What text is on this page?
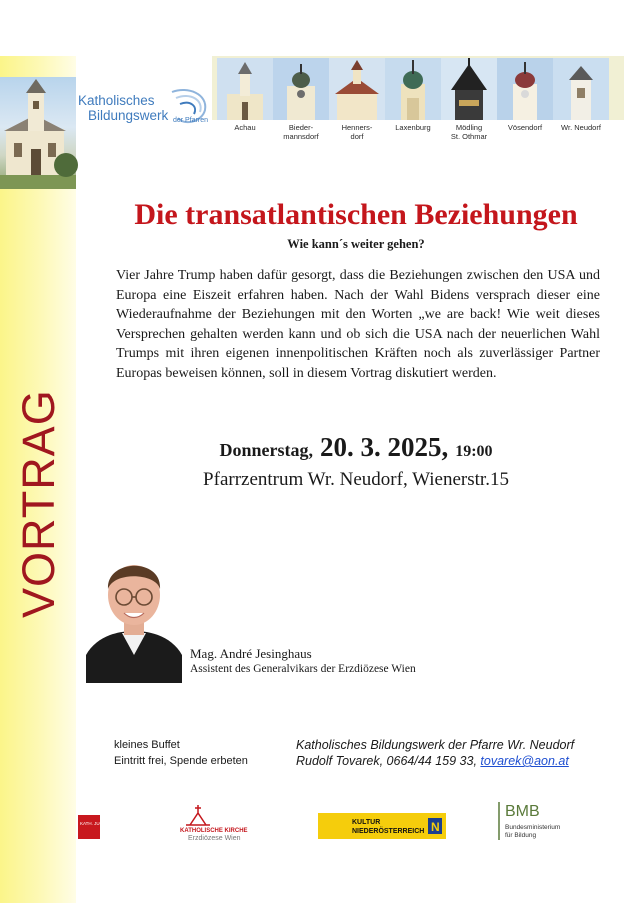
VORTRAG
Katholisches
Bildungswerk der Pfarren
Achau	Bieder-
mannsdorf
Henners-
dorf
Laxenburg	Mödling
St. Othmar
Vösendorf	Wr. Neudorf
Die transatlantischen Beziehungen
Wie kann´s weiter gehen?
Vier Jahre Trump haben dafür gesorgt, dass die Beziehungen zwischen den USA und Europa eine Eiszeit erfahren haben. Nach der Wahl Bidens versprach dieser eine Wiederaufnahme der Beziehungen mit den Worten „we are back! Wie weit dieses Versprechen gehalten werden kann und ob sich die USA nach der neuerlichen Wahl Trumps mit ihren eigenen innenpolitischen Kräften noch als zuverlässiger Partner Europas beweisen können, soll in diesem Vortrag diskutiert werden.
Donnerstag, 20. 3. 2025, 19:00
Pfarrzentrum Wr. Neudorf, Wienerstr.15
Mag. André Jesinghaus
Assistent des Generalvikars der Erzdiözese Wien
kleines Buffet
Eintritt frei, Spende erbeten
Katholisches Bildungswerk der Pfarre Wr. Neudorf
Rudolf Tovarek, 0664/44 159 33, tovarek@aon.at
KATH. JUGEND NIEDER WIEN
KATHOLISCHE KIRCHE
Erzdiözese Wien
KULTUR
NIEDERÖSTERREICH N
BMB
Bundesministerium
für Bildung
